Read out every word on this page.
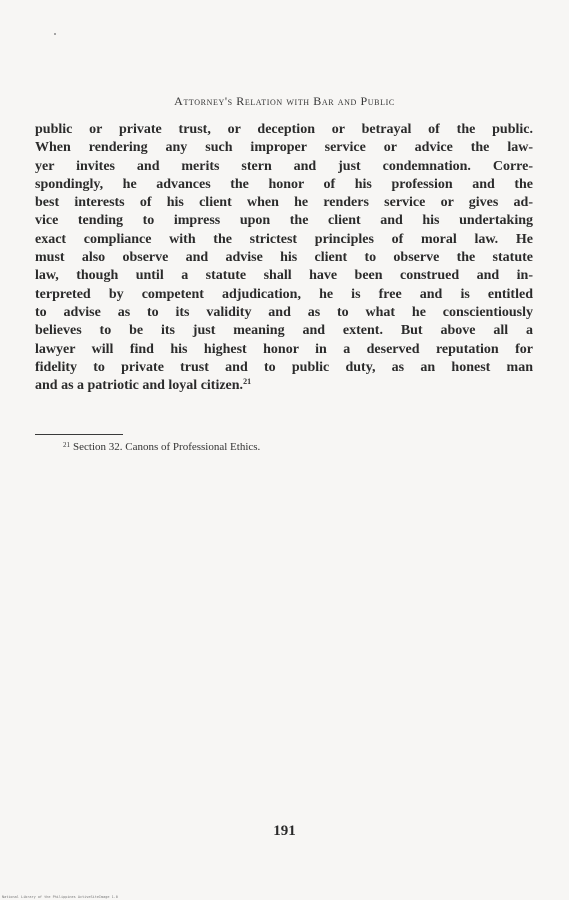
Attorney's Relation with Bar and Public
public or private trust, or deception or betrayal of the public.
When rendering any such improper service or advice the law-
yer invites and merits stern and just condemnation. Corre-
spondingly, he advances the honor of his profession and the
best interests of his client when he renders service or gives ad-
vice tending to impress upon the client and his undertaking
exact compliance with the strictest principles of moral law. He
must also observe and advise his client to observe the statute
law, though until a statute shall have been construed and in-
terpreted by competent adjudication, he is free and is entitled
to advise as to its validity and as to what he conscientiously
believes to be its just meaning and extent. But above all a
lawyer will find his highest honor in a deserved reputation for
fidelity to private trust and to public duty, as an honest man
and as a patriotic and loyal citizen.$^{21}$
$^{21}$ Section 32. Canons of Professional Ethics.
191
National Library of the Philippines ActiveSiteImage 1.0
